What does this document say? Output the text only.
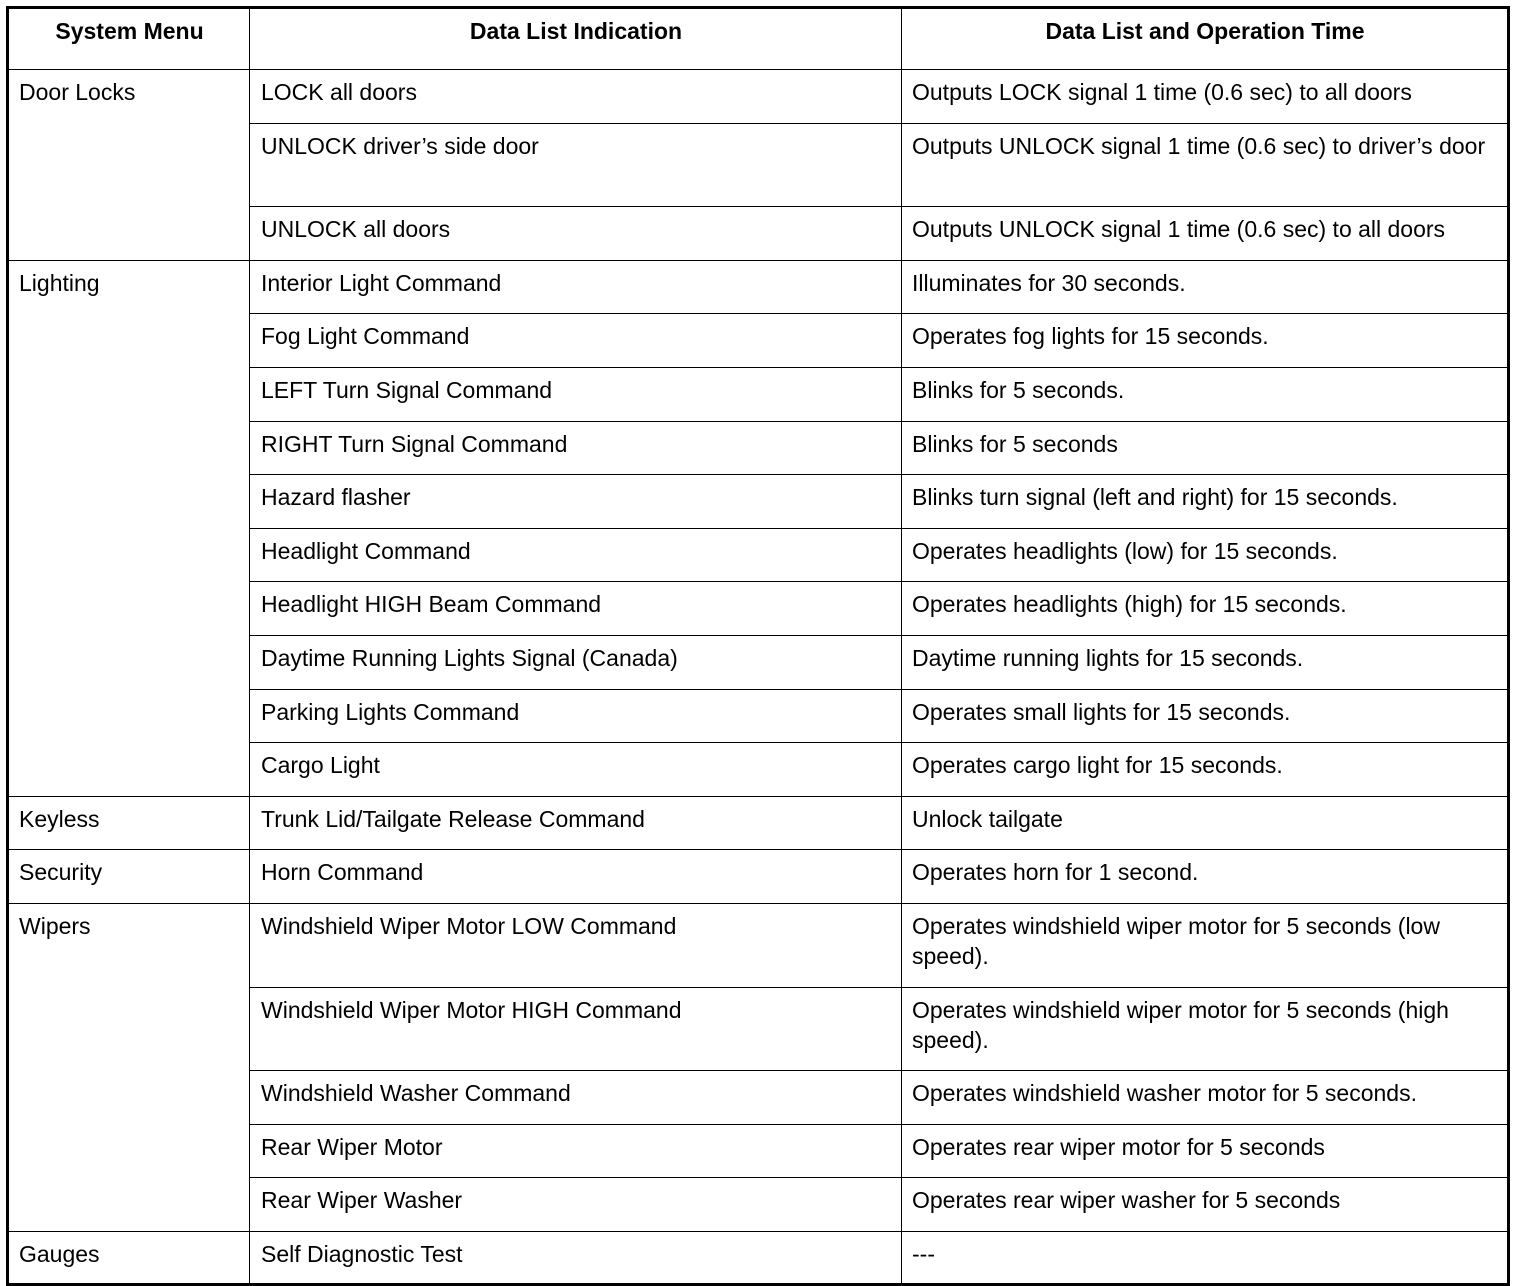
System Menu	Data List Indication	Data List and Operation Time
Door Locks	LOCK all doors	Outputs LOCK signal 1 time (0.6 sec) to all doors
	UNLOCK driver’s side door	Outputs UNLOCK signal 1 time (0.6 sec) to driver’s door
	UNLOCK all doors	Outputs UNLOCK signal 1 time (0.6 sec) to all doors
Lighting	Interior Light Command	Illuminates for 30 seconds.
	Fog Light Command	Operates fog lights for 15 seconds.
	LEFT Turn Signal Command	Blinks for 5 seconds.
	RIGHT Turn Signal Command	Blinks for 5 seconds
	Hazard flasher	Blinks turn signal (left and right) for 15 seconds.
	Headlight Command	Operates headlights (low) for 15 seconds.
	Headlight HIGH Beam Command	Operates headlights (high) for 15 seconds.
	Daytime Running Lights Signal (Canada)	Daytime running lights for 15 seconds.
	Parking Lights Command	Operates small lights for 15 seconds.
	Cargo Light	Operates cargo light for 15 seconds.
Keyless	Trunk Lid/Tailgate Release Command	Unlock tailgate
Security	Horn Command	Operates horn for 1 second.
Wipers	Windshield Wiper Motor LOW Command	Operates windshield wiper motor for 5 seconds (low speed).
	Windshield Wiper Motor HIGH Command	Operates windshield wiper motor for 5 seconds (high speed).
	Windshield Washer Command	Operates windshield washer motor for 5 seconds.
	Rear Wiper Motor	Operates rear wiper motor for 5 seconds
	Rear Wiper Washer	Operates rear wiper washer for 5 seconds
Gauges	Self Diagnostic Test	---
